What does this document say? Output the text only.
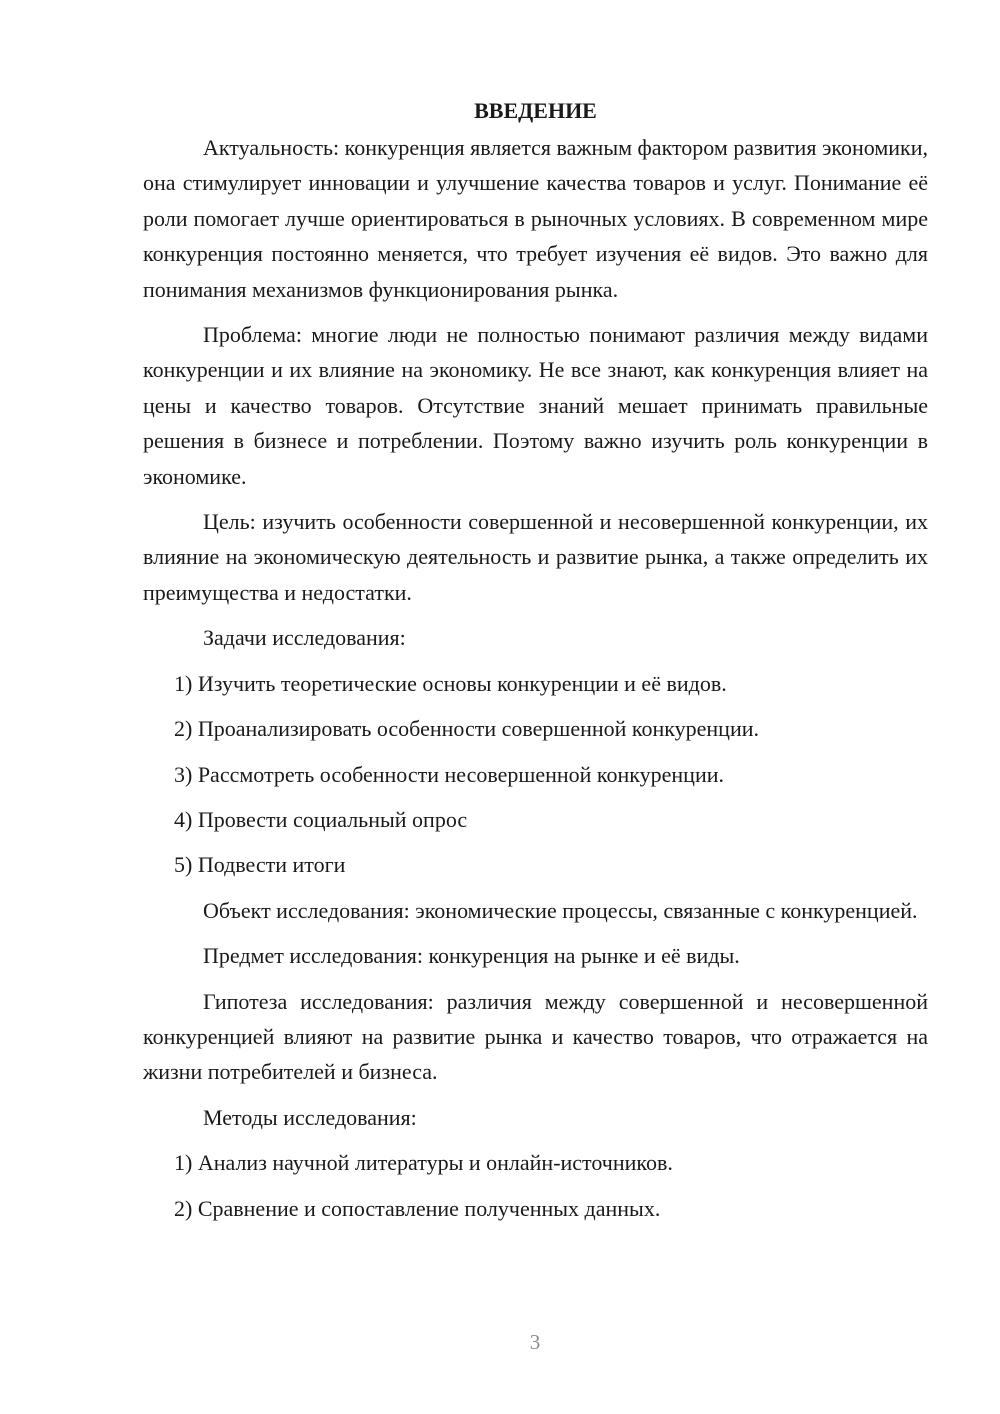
ВВЕДЕНИЕ

Актуальность: конкуренция является важным фактором развития экономики, она стимулирует инновации и улучшение качества товаров и услуг. Понимание её роли помогает лучше ориентироваться в рыночных условиях. В современном мире конкуренция постоянно меняется, что требует изучения её видов. Это важно для понимания механизмов функционирования рынка.

Проблема: многие люди не полностью понимают различия между видами конкуренции и их влияние на экономику. Не все знают, как конкуренция влияет на цены и качество товаров. Отсутствие знаний мешает принимать правильные решения в бизнесе и потреблении. Поэтому важно изучить роль конкуренции в экономике.

Цель: изучить особенности совершенной и несовершенной конкуренции, их влияние на экономическую деятельность и развитие рынка, а также определить их преимущества и недостатки.

Задачи исследования:

1) Изучить теоретические основы конкуренции и её видов.

2) Проанализировать особенности совершенной конкуренции.

3) Рассмотреть особенности несовершенной конкуренции.

4) Провести социальный опрос

5) Подвести итоги

Объект исследования: экономические процессы, связанные с конкуренцией.

Предмет исследования: конкуренция на рынке и её виды.

Гипотеза исследования: различия между совершенной и несовершенной конкуренцией влияют на развитие рынка и качество товаров, что отражается на жизни потребителей и бизнеса.

Методы исследования:

1) Анализ научной литературы и онлайн-источников.

2) Сравнение и сопоставление полученных данных.

3
